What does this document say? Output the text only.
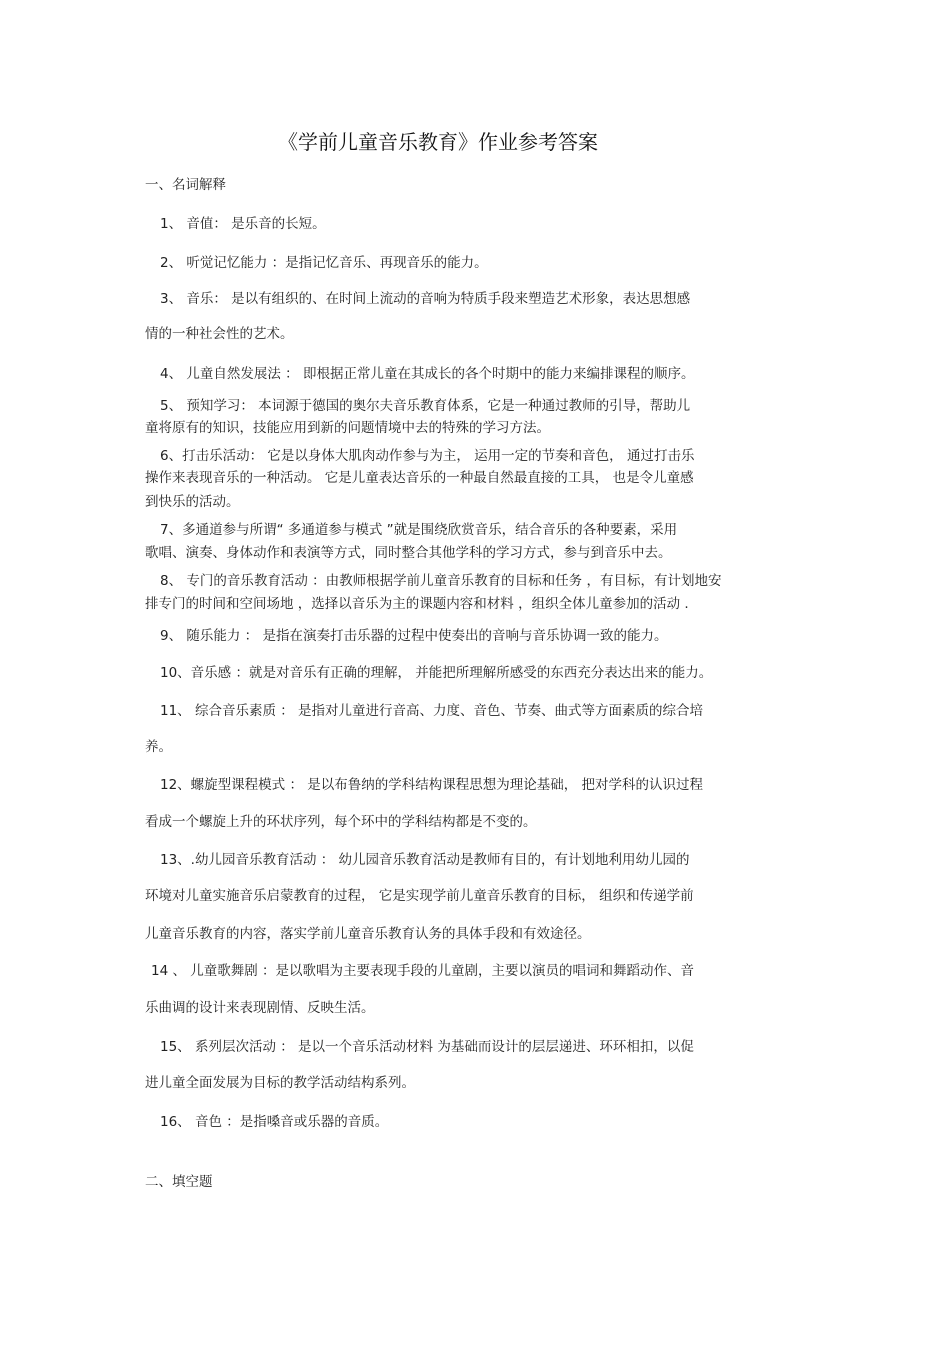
《学前儿童音乐教育》作业参考答案
一、名词解释
1、 音值： 是乐音的长短。
2、 听觉记忆能力 ：是指记忆音乐、再现音乐的能力。
3、 音乐： 是以有组织的、在时间上流动的音响为特质手段来塑造艺术形象，表达思想感
情的一种社会性的艺术。
4、 儿童自然发展法 ： 即根据正常儿童在其成长的各个时期中的能力来编排课程的顺序。
5、 预知学习： 本词源于德国的奥尔夫音乐教育体系，它是一种通过教师的引导，帮助儿
童将原有的知识，技能应用到新的问题情境中去的特殊的学习方法。
6、打击乐活动： 它是以身体大肌肉动作参与为主， 运用一定的节奏和音色， 通过打击乐
操作来表现音乐的一种活动。 它是儿童表达音乐的一种最自然最直接的工具， 也是令儿童感
到快乐的活动。
7、多通道参与所谓“ 多通道参与模式 ”就是围绕欣赏音乐，结合音乐的各种要素，采用
歌唱、演奏、身体动作和表演等方式，同时整合其他学科的学习方式，参与到音乐中去。
8、 专门的音乐教育活动 ：由教师根据学前儿童音乐教育的目标和任务 ，有目标，有计划地安
排专门的时间和空间场地 ，选择以音乐为主的课题内容和材料 ，组织全体儿童参加的活动 .
9、 随乐能力 ： 是指在演奏打击乐器的过程中使奏出的音响与音乐协调一致的能力。
10、音乐感 ：就是对音乐有正确的理解， 并能把所理解所感受的东西充分表达出来的能力。
11、 综合音乐素质 ： 是指对儿童进行音高、力度、音色、节奏、曲式等方面素质的综合培
养。
12、螺旋型课程模式 ： 是以布鲁纳的学科结构课程思想为理论基础， 把对学科的认识过程
看成一个螺旋上升的环状序列，每个环中的学科结构都是不变的。
13、.幼儿园音乐教育活动 ： 幼儿园音乐教育活动是教师有目的，有计划地利用幼儿园的
环境对儿童实施音乐启蒙教育的过程， 它是实现学前儿童音乐教育的目标， 组织和传递学前
儿童音乐教育的内容，落实学前儿童音乐教育认务的具体手段和有效途径。
14 、 儿童歌舞剧 ：是以歌唱为主要表现手段的儿童剧，主要以演员的唱词和舞蹈动作、音
乐曲调的设计来表现剧情、反映生活。
15、 系列层次活动 ： 是以一个音乐活动材料 为基础而设计的层层递进、环环相扣，以促
进儿童全面发展为目标的教学活动结构系列。
16、 音色 ：是指嗓音或乐器的音质。
二、填空题
